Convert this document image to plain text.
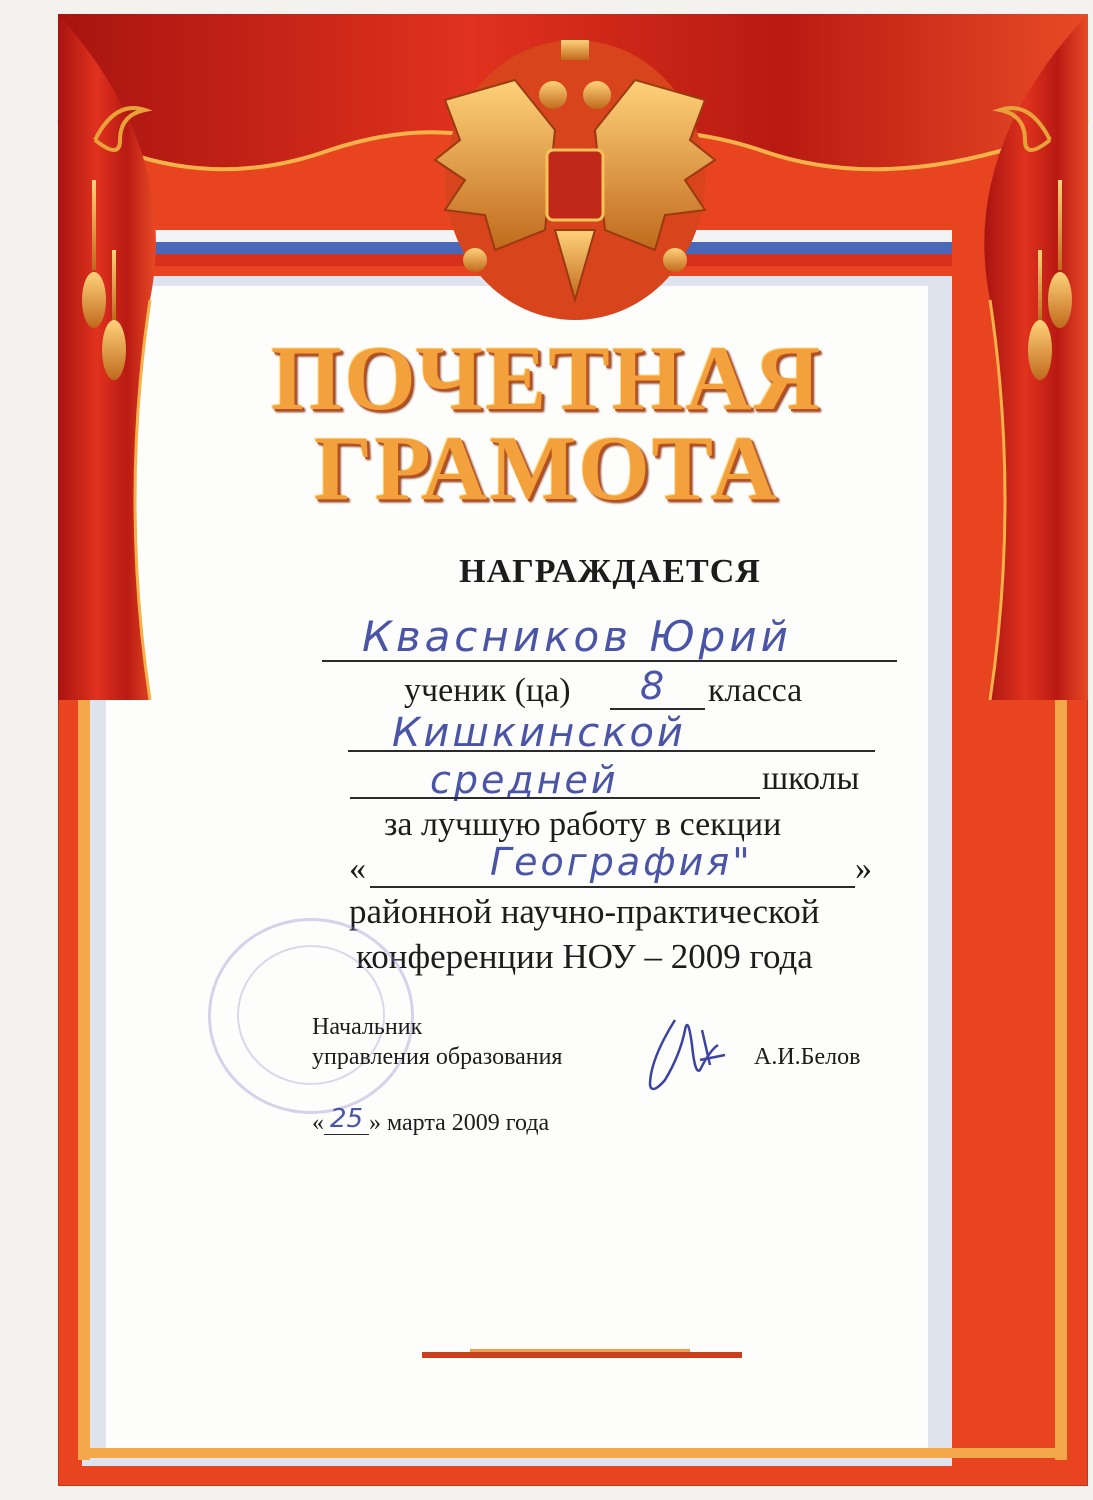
ПОЧЕТНАЯ
ГРАМОТА
НАГРАЖДАЕТСЯ
Квасников Юрий
ученик (ца) 8 класса
Кишкинской
средней	школы
за лучшую работу в секции
«	География"	»
районной научно-практической
конференции НОУ – 2009 года
Начальник
управления образования	А.И.Белов
« 25 » марта 2009 года
